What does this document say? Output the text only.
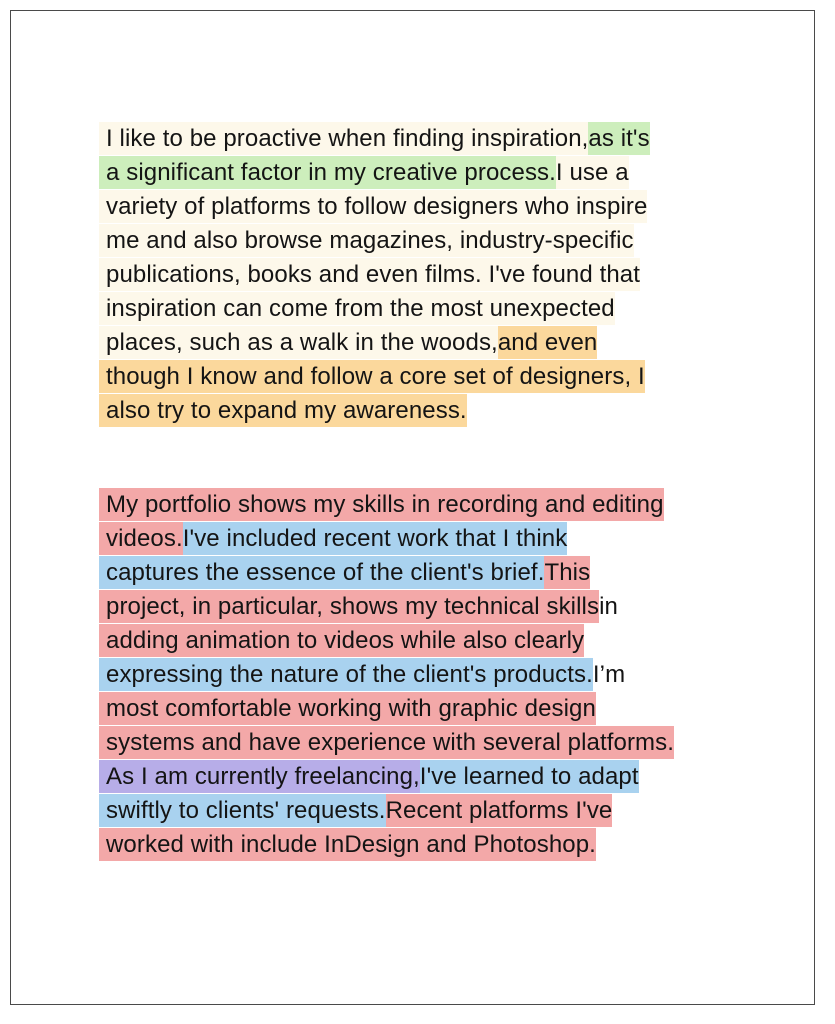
I like to be proactive when finding inspiration,as it's
a significant factor in my creative process.I use a
variety of platforms to follow designers who inspire
me and also browse magazines, industry-specific
publications, books and even films. I've found that
inspiration can come from the most unexpected
places, such as a walk in the woods,and even
though I know and follow a core set of designers, I
also try to expand my awareness.
My portfolio shows my skills in recording and editing
videos.I've included recent work that I think
captures the essence of the client's brief.This
project, in particular, shows my technical skillsin
adding animation to videos while also clearly
expressing the nature of the client's products.I’m
most comfortable working with graphic design
systems and have experience with several platforms.
As I am currently freelancing,I've learned to adapt
swiftly to clients' requests.Recent platforms I've
worked with include InDesign and Photoshop.
